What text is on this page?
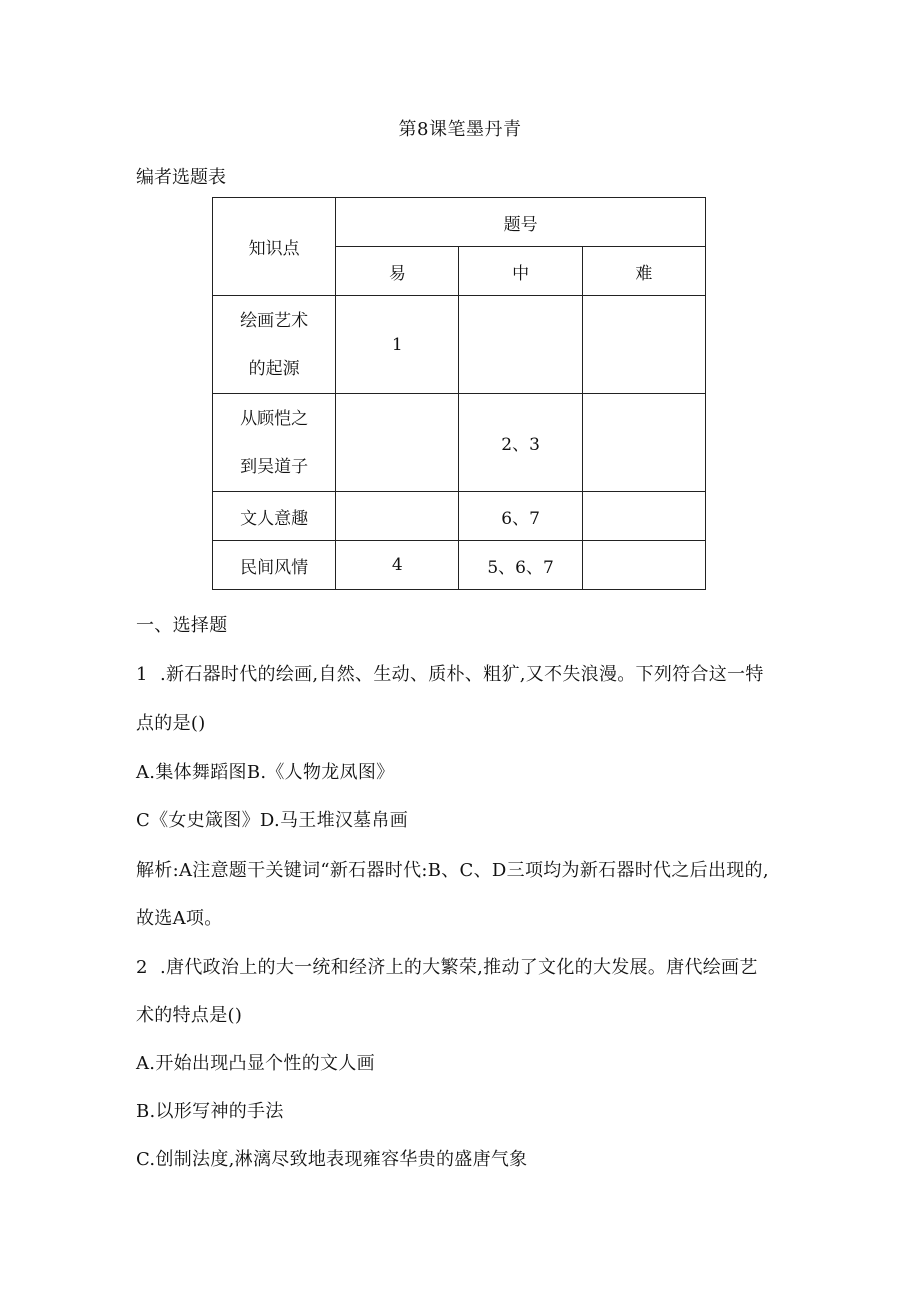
第8课笔墨丹青
编者选题表
知识点	题号		
	易	中	难

绘画艺术
的起源	1		

从顾恺之
到吴道子		2、3	
文人意趣		6、7	
民间风情	4	5、6、7	
一、选择题
1 .新石器时代的绘画,自然、生动、质朴、粗犷,又不失浪漫。下列符合这一特
点的是()
A.集体舞蹈图B.《人物龙凤图》
C《女史箴图》D.马王堆汉墓帛画
解析:A注意题干关键词“新石器时代:B、C、D三项均为新石器时代之后出现的,
故选A项。
2 .唐代政治上的大一统和经济上的大繁荣,推动了文化的大发展。唐代绘画艺
术的特点是()
A.开始出现凸显个性的文人画
B.以形写神的手法
C.创制法度,淋漓尽致地表现雍容华贵的盛唐气象
